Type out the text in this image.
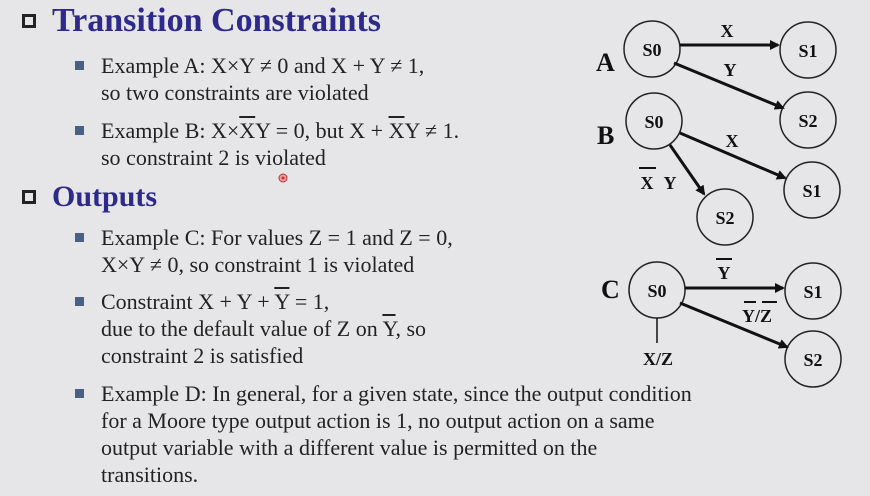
Transition Constraints
Example A: X×Y ≠ 0 and X + Y ≠ 1,
so two constraints are violated
Example B: $X\times\overline{X}Y = 0$, but $X + \overline{X}Y \ne 1$.
so constraint 2 is violated
Outputs
Example C: For values Z = 1 and Z = 0,
X×Y ≠ 0, so constraint 1 is violated
Constraint $X + Y + \overline{Y} = 1$,
due to the default value of Z on $\overline{Y}$, so
constraint 2 is satisfied
Example D: In general, for a given state, since the output condition
for a Moore type output action is 1, no output action on a same
output variable with a different value is permitted on the
transitions.
A S0	S1
S2
X
Y
B S0
S1
S2
X
X Y
C S0	S1
S2
Y
Y/ Z
X/Z
